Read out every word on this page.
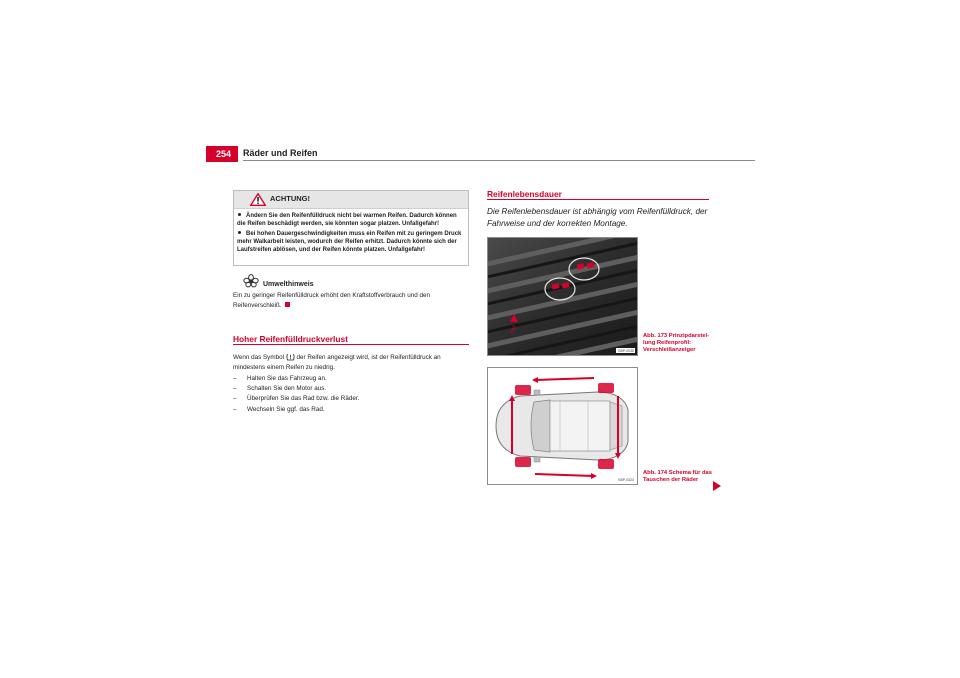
254	Räder und Reifen
ACHTUNG!

Ändern Sie den Reifenfülldruck nicht bei warmen Reifen. Dadurch können die Reifen beschädigt werden, sie könnten sogar platzen. Unfallgefahr!

Bei hohen Dauergeschwindigkeiten muss ein Reifen mit zu geringem Druck mehr Walkarbeit leisten, wodurch der Reifen erhitzt. Dadurch könnte sich der Laufstreifen ablösen, und der Reifen könnte platzen. Unfallgefahr!

Umwelthinweis
Ein zu geringer Reifenfülldruck erhöht den Kraftstoffverbrauch und den Reifenverschleiß.
Hoher Reifenfülldruckverlust
Wenn das Symbol der Reifen angezeigt wird, ist der Reifenfülldruck an mindestens einem Reifen zu niedrig.
– Halten Sie das Fahrzeug an.
– Schalten Sie den Motor aus.
– Überprüfen Sie das Rad bzw. die Räder.
– Wechseln Sie ggf. das Rad.
Reifenlebensdauer
Die Reifenlebensdauer ist abhängig vom Reifenfülldruck, der Fahrweise und der korrekten Montage.
TWI
B5P-0036
Abb. 173 Prinzipdarstellung Reifenprofil: Verschleißanzeiger
B5P-0324
Abb. 174 Schema für das Tauschen der Räder
